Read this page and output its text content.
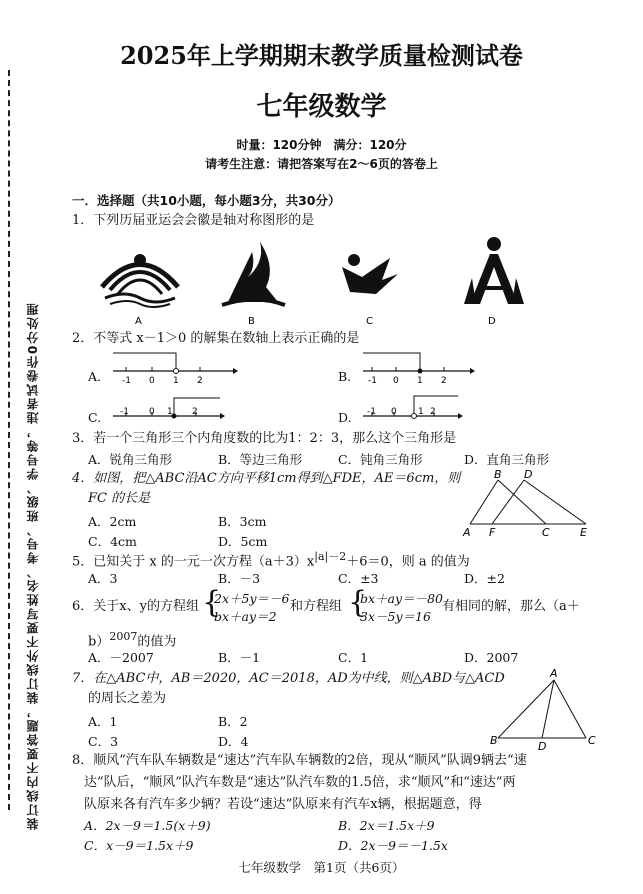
装订线内不要答题，装订线外不要写姓名、考号、班级、学号等，违者试卷作0分处理
2025年上学期期末教学质量检测试卷
七年级数学
时量：120分钟　满分：120分
请考生注意：请把答案写在2～6页的答卷上
一．选择题（共10小题，每小题3分，共30分）
1．下列历届亚运会会徽是轴对称图形的是
A	B	C	D
2．不等式 x－1＞0 的解集在数轴上表示正确的是
A. -1 0 1 2	B. -1 0 1 2
C. -1 0 1 2	D. -1 0 1 2
3．若一个三角形三个内角度数的比为1：2：3，那么这个三角形是
A．锐角三角形	B．等边三角形	C．钝角三角形	D．直角三角形
4．如图，把△ABC沿AC方向平移1cm得到△FDE，AE＝6cm，则
FC 的长是
A．2cm	B．3cm
C．4cm	D．5cm
B D
A F	C	E
5．已知关于 x 的一元一次方程$(a+3)x^{|a|-2}+6=0$，则 a 的值为
A．3	B．－3	C．±3	D．±2
6．关于x、y的方程组 {
2x＋5y＝－6
bx＋ay＝2
和方程组 {
bx＋ay＝－80
3x－5y＝16
有相同的解，那么（a＋
b）$^{2007}$的值为
A．－2007	B．－1	C．1	D．2007
7．在△ABC中，AB＝2020，AC＝2018，AD为中线，则△ABD与△ACD
的周长之差为
A．1	B．2
C．3	D．4
A
B	D	C
8．顺风”汽车队车辆数是“速达”汽车队车辆数的2倍，现从“顺风”队调9辆去“速
达”队后，“顺风”队汽车数是“速达”队汽车数的1.5倍，求“顺风”和“速达”两
队原来各有汽车多少辆？若设“速达”队原来有汽车x辆，根据题意，得
A．2x－9＝1.5(x＋9)	B．2x＝1.5x＋9
C．x－9＝1.5x＋9	D．2x－9＝－1.5x
七年级数学　第1页（共6页）
